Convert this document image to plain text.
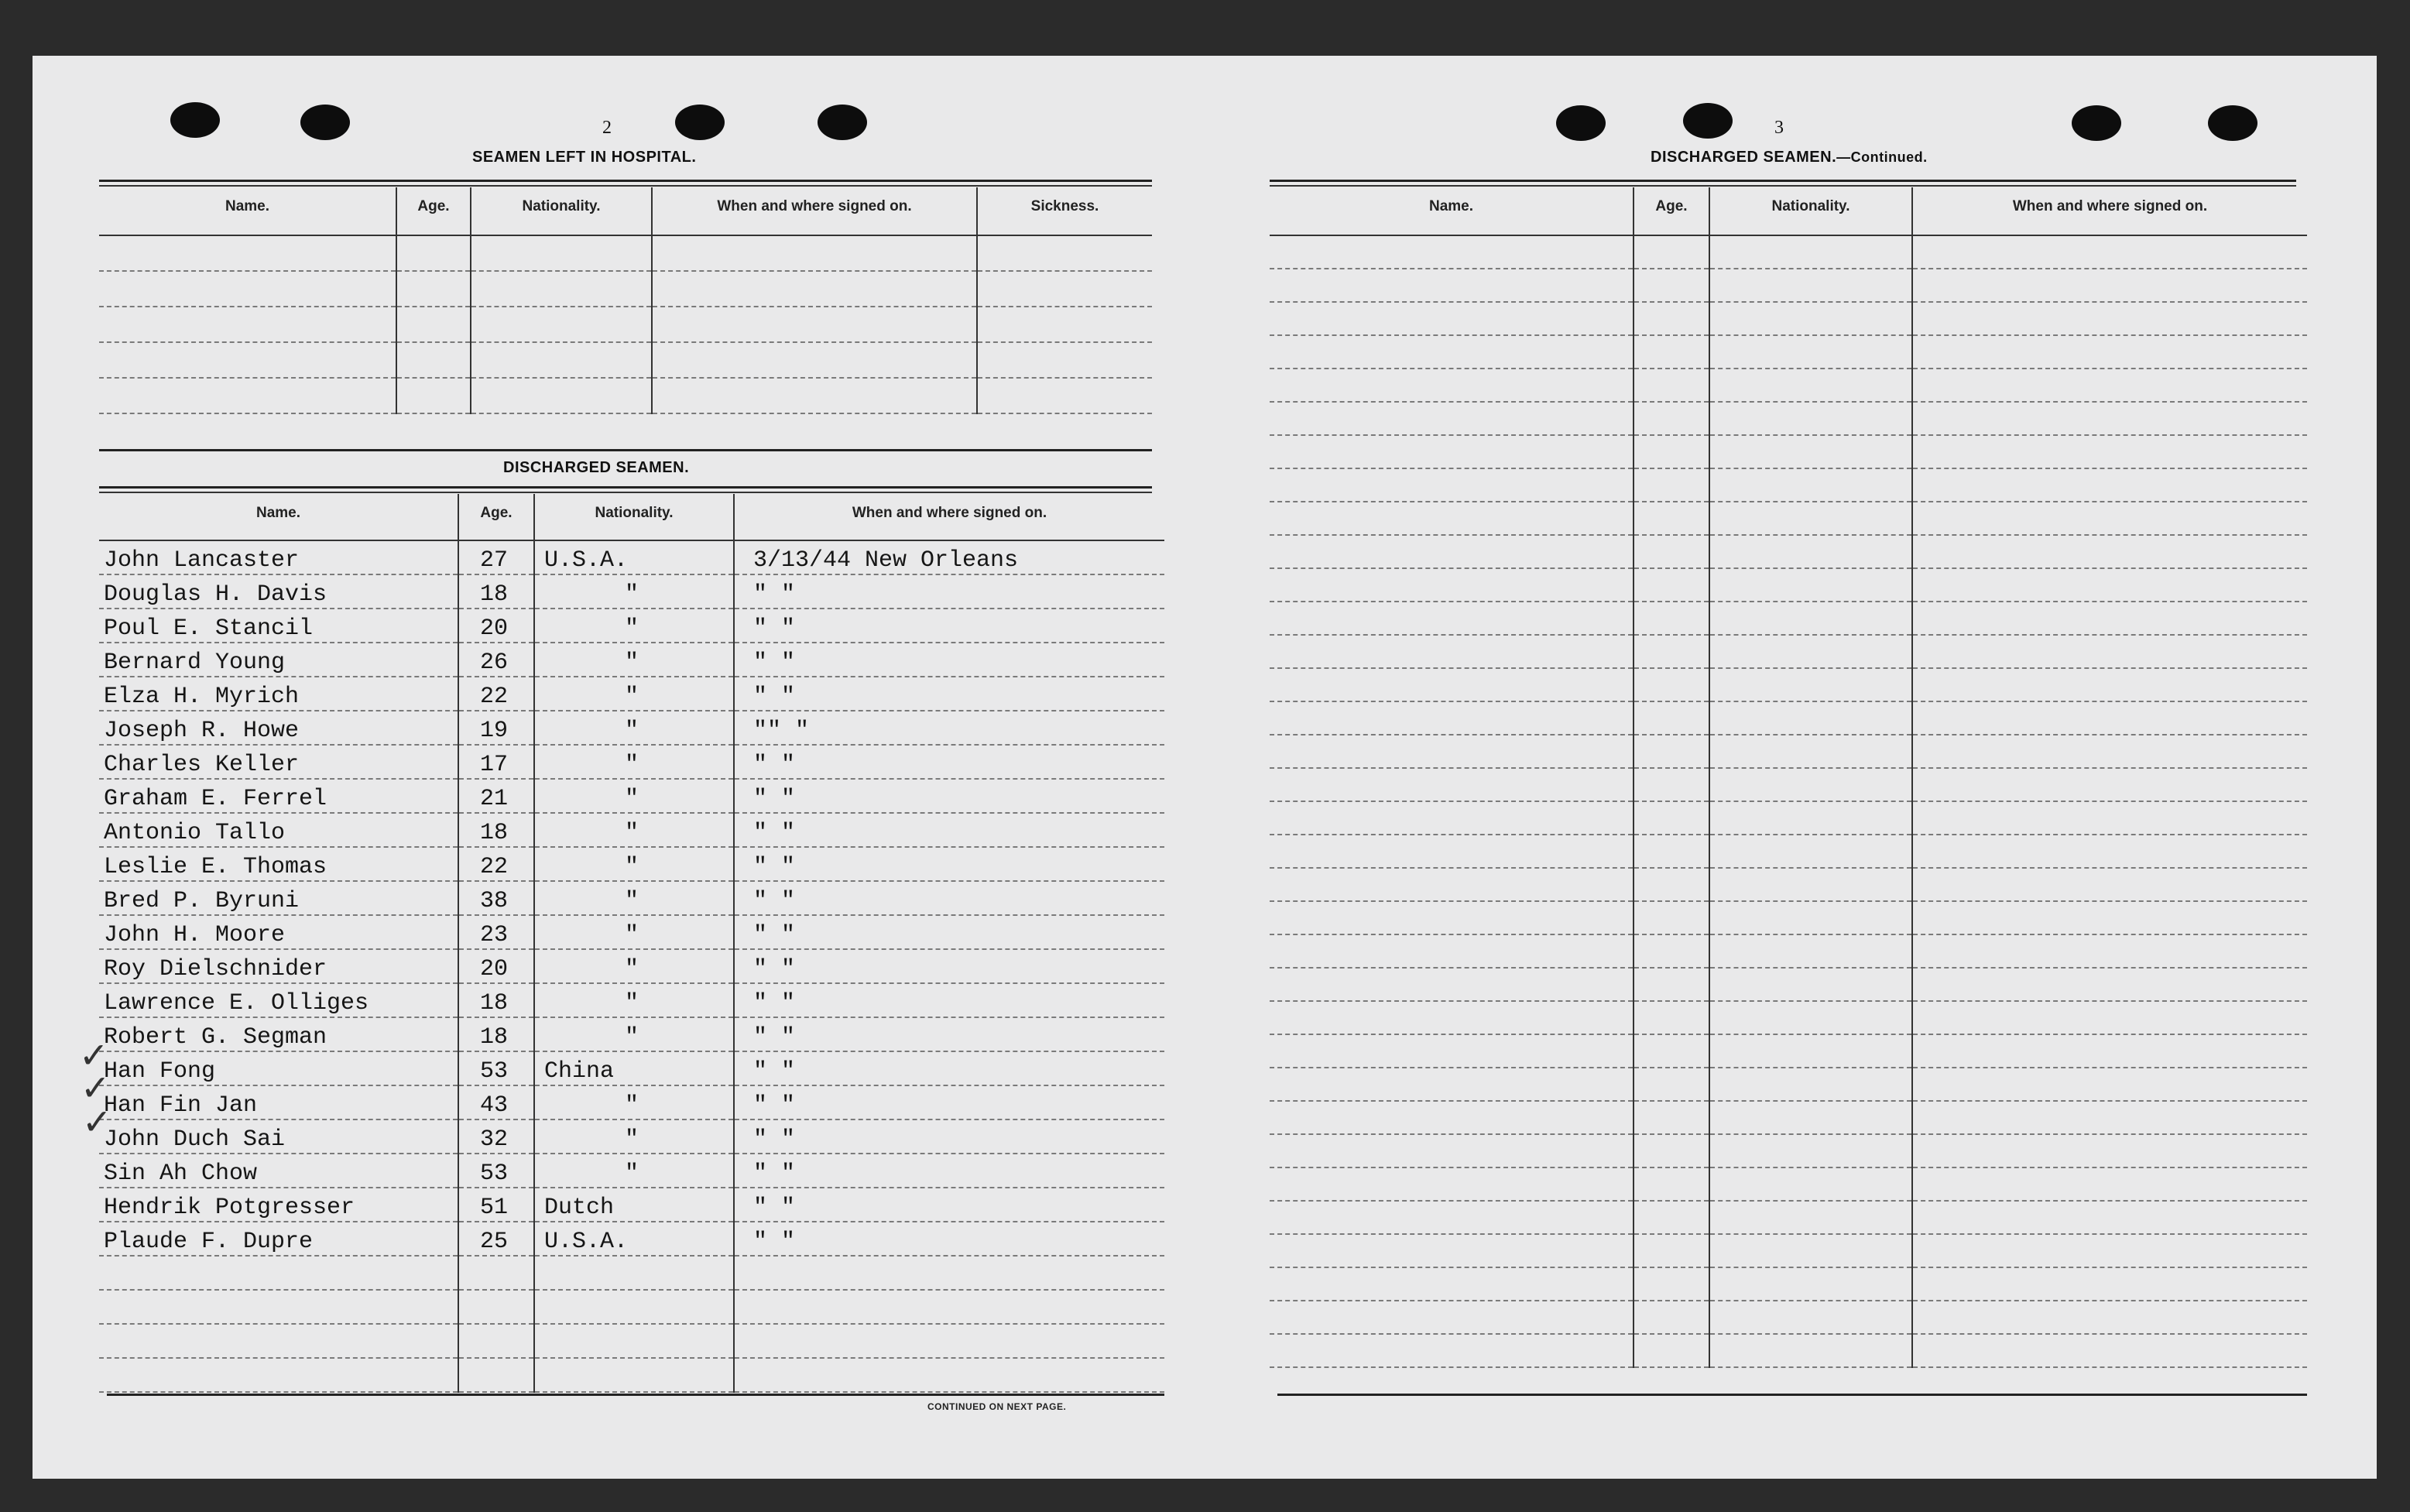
2
SEAMEN LEFT IN HOSPITAL.
Name.	Age.	Nationality.	When and where signed on.	Sickness.

DISCHARGED SEAMEN.
Name.	Age.	Nationality.	When and where signed on.
John Lancaster	27	U.S.A.	3/13/44 New Orleans
Douglas H. Davis	18	"	" "
Poul E. Stancil	20	"	" "
Bernard Young	26	"	" "
Elza H. Myrich	22	"	" "
Joseph R. Howe	19	"	"" "
Charles Keller	17	"	" "
Graham E. Ferrel	21	"	" "
Antonio Tallo	18	"	" "
Leslie E. Thomas	22	"	" "
Bred P. Byruni	38	"	" "
John H. Moore	23	"	" "
Roy Dielschnider	20	"	" "
Lawrence E. Olliges	18	"	" "
Robert G. Segman	18	"	" "
Han Fong	53	China	" "
Han Fin Jan	43	"	" "
John Duch Sai	32	"	" "
Sin Ah Chow	53	"	" "
Hendrik Potgresser	51	Dutch	" "
Plaude F. Dupre	25	U.S.A.	" "

CONTINUED ON NEXT PAGE.
✓
✓
✓
3
DISCHARGED SEAMEN.—Continued.
Name.	Age.	Nationality.	When and where signed on.
